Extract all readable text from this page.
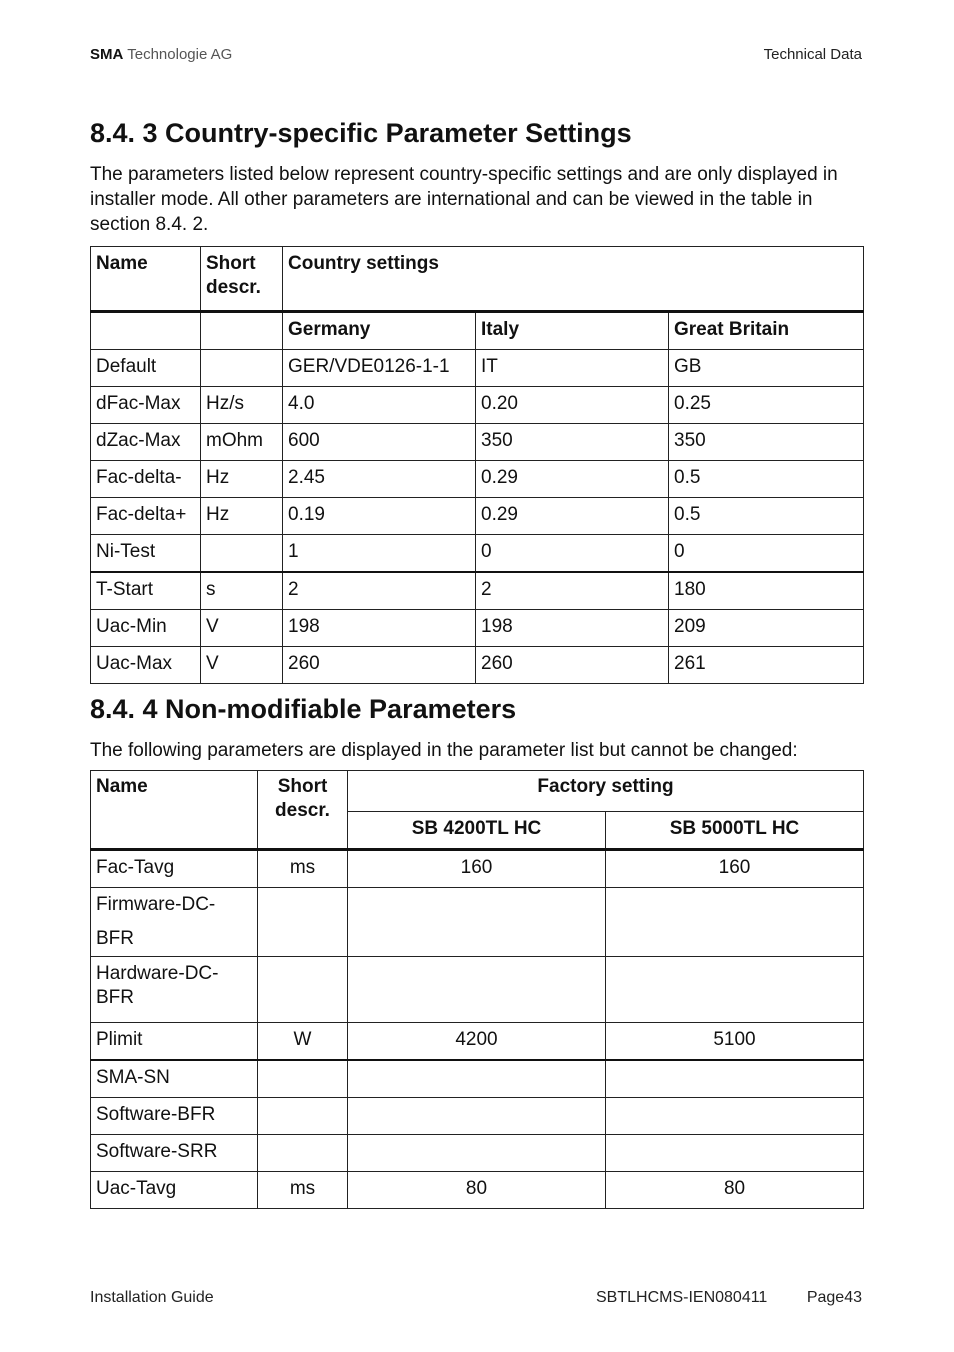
SMA Technologie AG	Technical Data
8.4. 3 Country-specific Parameter Settings

The parameters listed below represent country-specific settings and are only displayed in installer mode. All other parameters are international and can be viewed in the table in section 8.4. 2.

Name	Short descr.	Country settings		
		Germany	Italy	Great Britain
Default		GER/VDE0126-1-1	IT	GB
dFac-Max	Hz/s	4.0	0.20	0.25
dZac-Max	mOhm	600	350	350
Fac-delta-	Hz	2.45	0.29	0.5
Fac-delta+	Hz	0.19	0.29	0.5
Ni-Test		1	0	0
T-Start	s	2	2	180
Uac-Min	V	198	198	209
Uac-Max	V	260	260	261
8.4. 4 Non-modifiable Parameters

The following parameters are displayed in the parameter list but cannot be changed:

Name	Short descr.	Factory setting	
		SB 4200TL HC	SB 5000TL HC
Fac-Tavg	ms	160	160
Firmware-DC-BFR			
Hardware-DC-BFR			
Plimit	W	4200	5100
SMA-SN			
Software-BFR			
Software-SRR			
Uac-Tavg	ms	80	80
Installation Guide	SBTLHCMS-IEN080411 Page43
